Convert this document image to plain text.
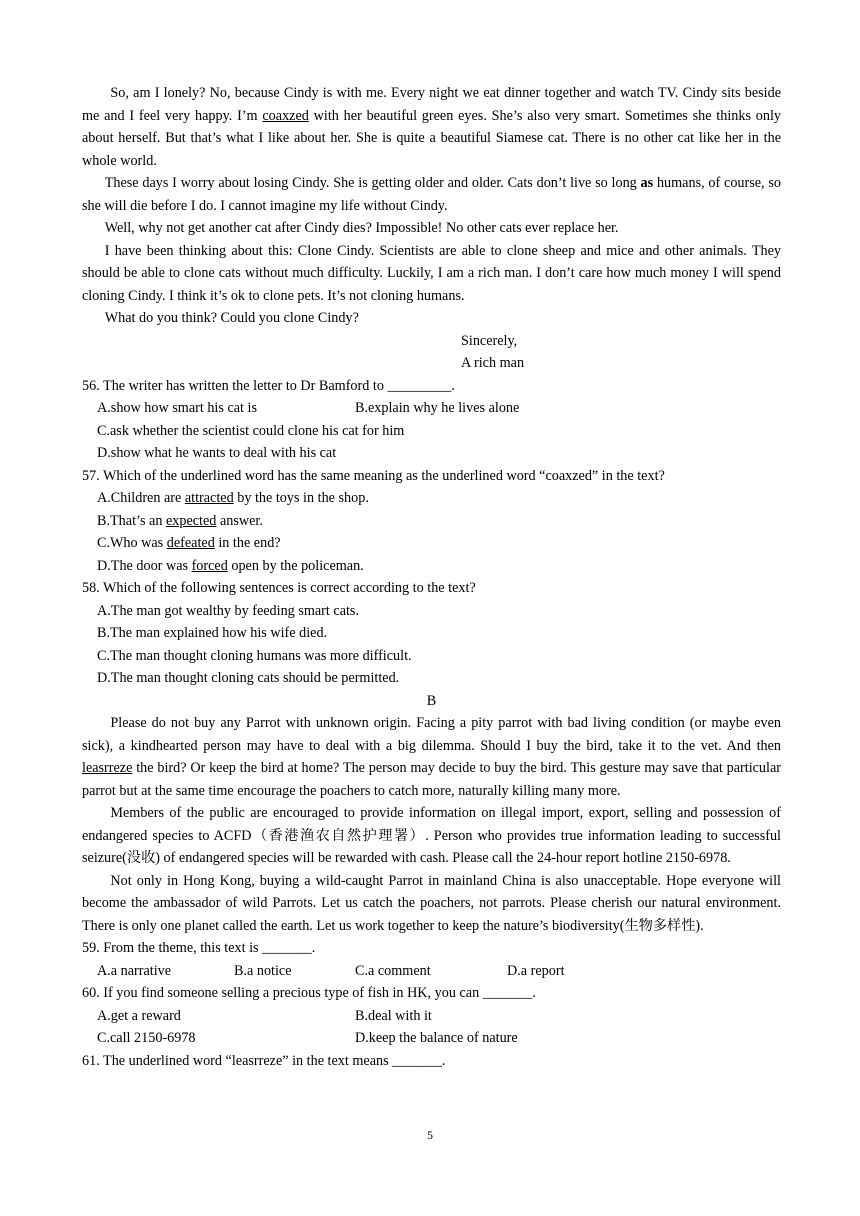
So, am I lonely? No, because Cindy is with me. Every night we eat dinner together and watch TV. Cindy sits beside me and I feel very happy. I’m coaxzed with her beautiful green eyes. She’s also very smart. Sometimes she thinks only about herself. But that’s what I like about her. She is quite a beautiful Siamese cat. There is no other cat like her in the whole world.

These days I worry about losing Cindy. She is getting older and older. Cats don’t live so long as humans, of course, so she will die before I do. I cannot imagine my life without Cindy.

Well, why not get another cat after Cindy dies? Impossible! No other cats ever replace her.

I have been thinking about this: Clone Cindy. Scientists are able to clone sheep and mice and other animals. They should be able to clone cats without much difficulty. Luckily, I am a rich man. I don’t care how much money I will spend cloning Cindy. I think it’s ok to clone pets. It’s not cloning humans.

What do you think? Could you clone Cindy?

Sincerely,
A rich man
56. The writer has written the letter to Dr Bamford to _________.
A.show how smart his cat is	B.explain why he lives alone
C.ask whether the scientist could clone his cat for him
D.show what he wants to deal with his cat
57. Which of the underlined word has the same meaning as the underlined word “coaxzed” in the text?
A.Children are attracted by the toys in the shop.
B.That’s an expected answer.
C.Who was defeated in the end?
D.The door was forced open by the policeman.
58. Which of the following sentences is correct according to the text?
A.The man got wealthy by feeding smart cats.
B.The man explained how his wife died.
C.The man thought cloning humans was more difficult.
D.The man thought cloning cats should be permitted.
B

Please do not buy any Parrot with unknown origin. Facing a pity parrot with bad living condition (or maybe even sick), a kindhearted person may have to deal with a big dilemma. Should I buy the bird, take it to the vet. And then leasrreze the bird? Or keep the bird at home? The person may decide to buy the bird. This gesture may save that particular parrot but at the same time encourage the poachers to catch more, naturally killing many more.

Members of the public are encouraged to provide information on illegal import, export, selling and possession of endangered species to ACFD（香港渔农自然护理署）. Person who provides true information leading to successful seizure(没收) of endangered species will be rewarded with cash. Please call the 24-hour report hotline 2150-6978.

Not only in Hong Kong, buying a wild-caught Parrot in mainland China is also unacceptable. Hope everyone will become the ambassador of wild Parrots. Let us catch the poachers, not parrots. Please cherish our natural environment. There is only one planet called the earth. Let us work together to keep the nature’s biodiversity(生物多样性).

59. From the theme, this text is _______.
A.a narrative	B.a notice	C.a comment	D.a report
60. If you find someone selling a precious type of fish in HK, you can _______.
A.get a reward	B.deal with it
C.call 2150-6978	D.keep the balance of nature
61. The underlined word “leasrreze” in the text means _______.
5
